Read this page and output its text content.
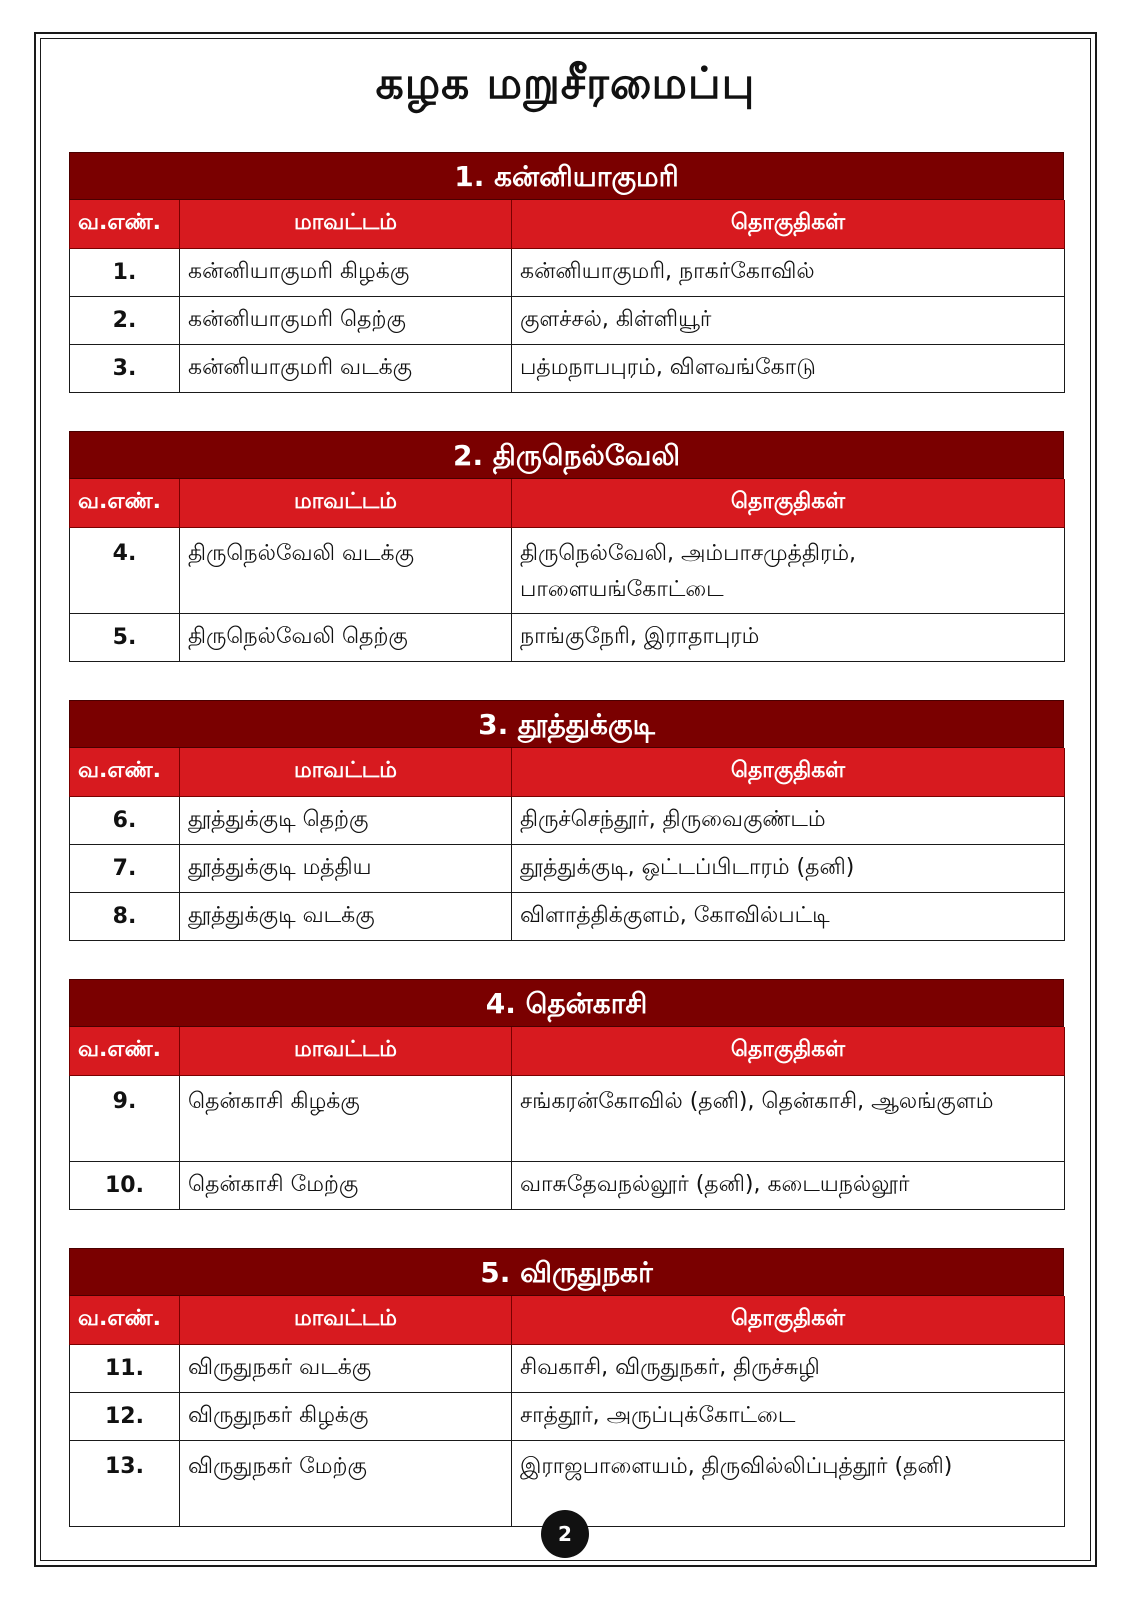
கழக மறுசீரமைப்பு
1. கன்னியாகுமரி
வ.எண்.	மாவட்டம்	தொகுதிகள்
1.	கன்னியாகுமரி கிழக்கு	கன்னியாகுமரி, நாகர்கோவில்
2.	கன்னியாகுமரி தெற்கு	குளச்சல், கிள்ளியூர்
3.	கன்னியாகுமரி வடக்கு	பத்மநாபபுரம், விளவங்கோடு
2. திருநெல்வேலி
வ.எண்.	மாவட்டம்	தொகுதிகள்
4.	திருநெல்வேலி வடக்கு	திருநெல்வேலி, அம்பாசமுத்திரம், பாளையங்கோட்டை
5.	திருநெல்வேலி தெற்கு	நாங்குநேரி, இராதாபுரம்
3. தூத்துக்குடி
வ.எண்.	மாவட்டம்	தொகுதிகள்
6.	தூத்துக்குடி தெற்கு	திருச்செந்தூர், திருவைகுண்டம்
7.	தூத்துக்குடி மத்திய	தூத்துக்குடி, ஒட்டப்பிடாரம் (தனி)
8.	தூத்துக்குடி வடக்கு	விளாத்திக்குளம், கோவில்பட்டி
4. தென்காசி
வ.எண்.	மாவட்டம்	தொகுதிகள்
9.	தென்காசி கிழக்கு	சங்கரன்கோவில் (தனி), தென்காசி, ஆலங்குளம்
10.	தென்காசி மேற்கு	வாசுதேவநல்லூர் (தனி), கடையநல்லூர்
5. விருதுநகர்
வ.எண்.	மாவட்டம்	தொகுதிகள்
11.	விருதுநகர் வடக்கு	சிவகாசி, விருதுநகர், திருச்சுழி
12.	விருதுநகர் கிழக்கு	சாத்தூர், அருப்புக்கோட்டை
13.	விருதுநகர் மேற்கு	இராஜபாளையம், திருவில்லிப்புத்தூர் (தனி)
2
